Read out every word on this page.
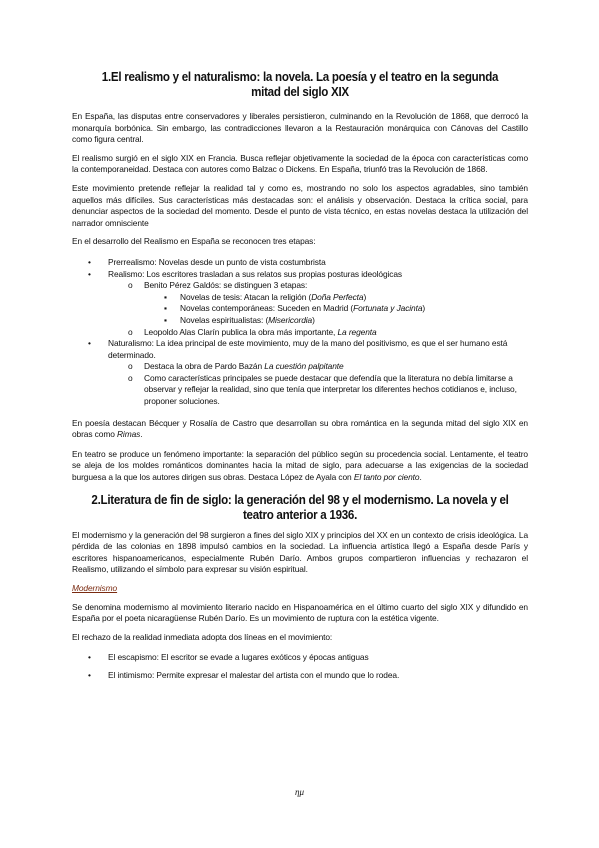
1.El realismo y el naturalismo: la novela. La poesía y el teatro en la segunda mitad del siglo XIX

En España, las disputas entre conservadores y liberales persistieron, culminando en la Revolución de 1868, que derrocó la monarquía borbónica. Sin embargo, las contradicciones llevaron a la Restauración monárquica con Cánovas del Castillo como figura central.

El realismo surgió en el siglo XIX en Francia. Busca reflejar objetivamente la sociedad de la época con características como la contemporaneidad. Destaca con autores como Balzac o Dickens. En España, triunfó tras la Revolución de 1868.

Este movimiento pretende reflejar la realidad tal y como es, mostrando no solo los aspectos agradables, sino también aquellos más difíciles. Sus características más destacadas son: el análisis y observación. Destaca la crítica social, para denunciar aspectos de la sociedad del momento. Desde el punto de vista técnico, en estas novelas destaca la utilización del narrador omnisciente

En el desarrollo del Realismo en España se reconocen tres etapas:

• Prerrealismo: Novelas desde un punto de vista costumbrista
• Realismo: Los escritores trasladan a sus relatos sus propias posturas ideológicas
o Benito Pérez Galdós: se distinguen 3 etapas:
▪ Novelas de tesis: Atacan la religión (Doña Perfecta)
▪ Novelas contemporáneas: Suceden en Madrid (Fortunata y Jacinta)
▪ Novelas espiritualistas: (Misericordia)
o Leopoldo Alas Clarín publica la obra más importante, La regenta
• Naturalismo: La idea principal de este movimiento, muy de la mano del positivismo, es que el ser humano está determinado.
o Destaca la obra de Pardo Bazán La cuestión palpitante
o Como características principales se puede destacar que defendía que la literatura no debía limitarse a observar y reflejar la realidad, sino que tenía que interpretar los diferentes hechos cotidianos e, incluso, proponer soluciones.

En poesía destacan Bécquer y Rosalía de Castro que desarrollan su obra romántica en la segunda mitad del siglo XIX en obras como Rimas.

En teatro se produce un fenómeno importante: la separación del público según su procedencia social. Lentamente, el teatro se aleja de los moldes románticos dominantes hacia la mitad de siglo, para adecuarse a las exigencias de la sociedad burguesa a la que los autores dirigen sus obras. Destaca López de Ayala con El tanto por ciento.

2.Literatura de fin de siglo: la generación del 98 y el modernismo. La novela y el teatro anterior a 1936.

El modernismo y la generación del 98 surgieron a fines del siglo XIX y principios del XX en un contexto de crisis ideológica. La pérdida de las colonias en 1898 impulsó cambios en la sociedad. La influencia artística llegó a España desde París y escritores hispanoamericanos, especialmente Rubén Darío. Ambos grupos compartieron influencias y rechazaron el Realismo, utilizando el símbolo para expresar su visión espiritual.

Modernismo

Se denomina modernismo al movimiento literario nacido en Hispanoamérica en el último cuarto del siglo XIX y difundido en España por el poeta nicaragüense Rubén Darío. Es un movimiento de ruptura con la estética vigente.

El rechazo de la realidad inmediata adopta dos líneas en el movimiento:

• El escapismo: El escritor se evade a lugares exóticos y épocas antiguas
• El intimismo: Permite expresar el malestar del artista con el mundo que lo rodea.
ημ
